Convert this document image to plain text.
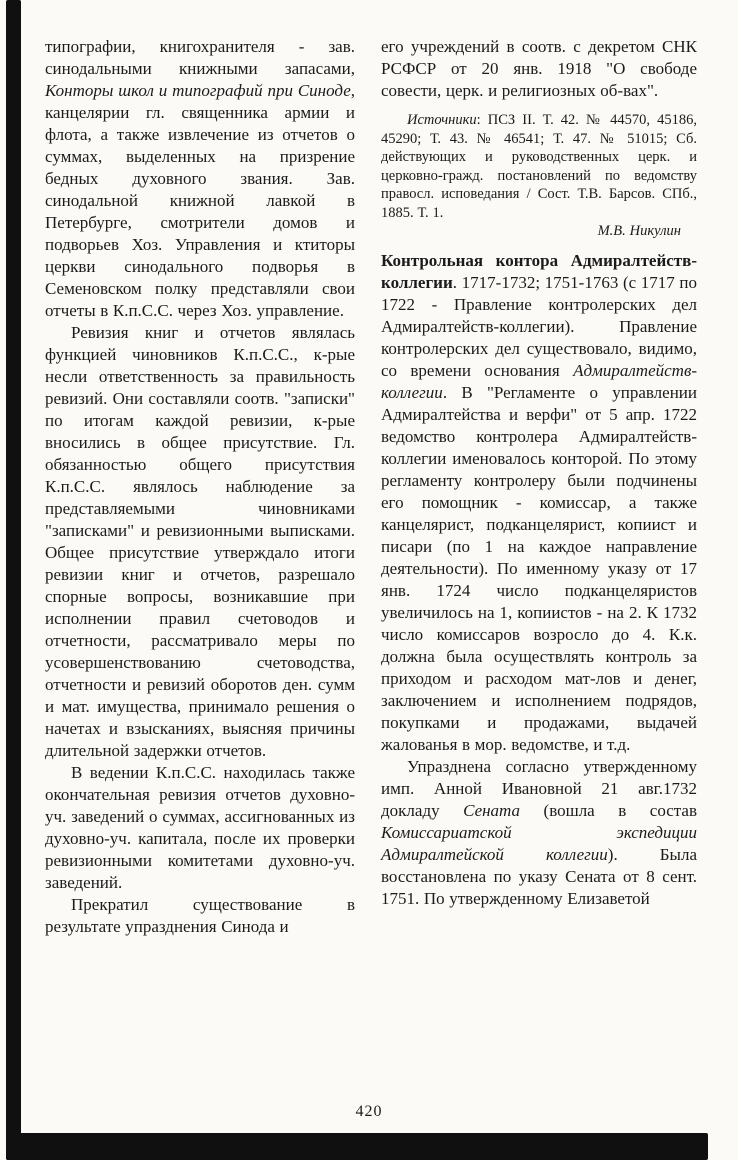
типографии, книгохранителя - зав. синодальными книжными запасами, Конторы школ и типографий при Синоде, канцелярии гл. священника армии и флота, а также извлечение из отчетов о суммах, выделенных на призрение бедных духовного звания. Зав. синодальной книжной лавкой в Петербурге, смотрители домов и подворьев Хоз. Управления и ктиторы церкви синодального подворья в Семеновском полку представляли свои отчеты в К.п.С.С. через Хоз. управление.

Ревизия книг и отчетов являлась функцией чиновников К.п.С.С., к-рые несли ответственность за правильность ревизий. Они составляли соотв. "записки" по итогам каждой ревизии, к-рые вносились в общее присутствие. Гл. обязанностью общего присутствия К.п.С.С. являлось наблюдение за представляемыми чиновниками "записками" и ревизионными выписками. Общее присутствие утверждало итоги ревизии книг и отчетов, разрешало спорные вопросы, возникавшие при исполнении правил счетоводов и отчетности, рассматривало меры по усовершенствованию счетоводства, отчетности и ревизий оборотов ден. сумм и мат. имущества, принимало решения о начетах и взысканиях, выясняя причины длительной задержки отчетов.

В ведении К.п.С.С. находилась также окончательная ревизия отчетов духовно-уч. заведений о суммах, ассигнованных из духовно-уч. капитала, после их проверки ревизионными комитетами духовно-уч. заведений.

Прекратил существование в результате упразднения Синода и

его учреждений в соотв. с декретом СНК РСФСР от 20 янв. 1918 "О свободе совести, церк. и религиозных об-вах".

Источники: ПСЗ II. Т. 42. № 44570, 45186, 45290; Т. 43. № 46541; Т. 47. № 51015; Сб. действующих и руководственных церк. и церковно-гражд. постановлений по ведомству правосл. исповедания / Сост. Т.В. Барсов. СПб., 1885. Т. 1.

М.В. Никулин

Контрольная контора Адмиралтейств-коллегии. 1717-1732; 1751-1763 (с 1717 по 1722 - Правление контролерских дел Адмиралтейств-коллегии). Правление контролерских дел существовало, видимо, со времени основания Адмиралтейств-коллегии. В "Регламенте о управлении Адмиралтейства и верфи" от 5 апр. 1722 ведомство контролера Адмиралтейств-коллегии именовалось конторой. По этому регламенту контролеру были подчинены его помощник - комиссар, а также канцелярист, подканцелярист, копиист и писари (по 1 на каждое направление деятельности). По именному указу от 17 янв. 1724 число подканцеляристов увеличилось на 1, копиистов - на 2. К 1732 число комиссаров возросло до 4. К.к. должна была осуществлять контроль за приходом и расходом мат-лов и денег, заключением и исполнением подрядов, покупками и продажами, выдачей жалованья в мор. ведомстве, и т.д.

Упразднена согласно утвержденному имп. Анной Ивановной 21 авг.1732 докладу Сената (вошла в состав Комиссариатской экспедиции Адмиралтейской коллегии). Была восстановлена по указу Сената от 8 сент. 1751. По утвержденному Елизаветой

420
